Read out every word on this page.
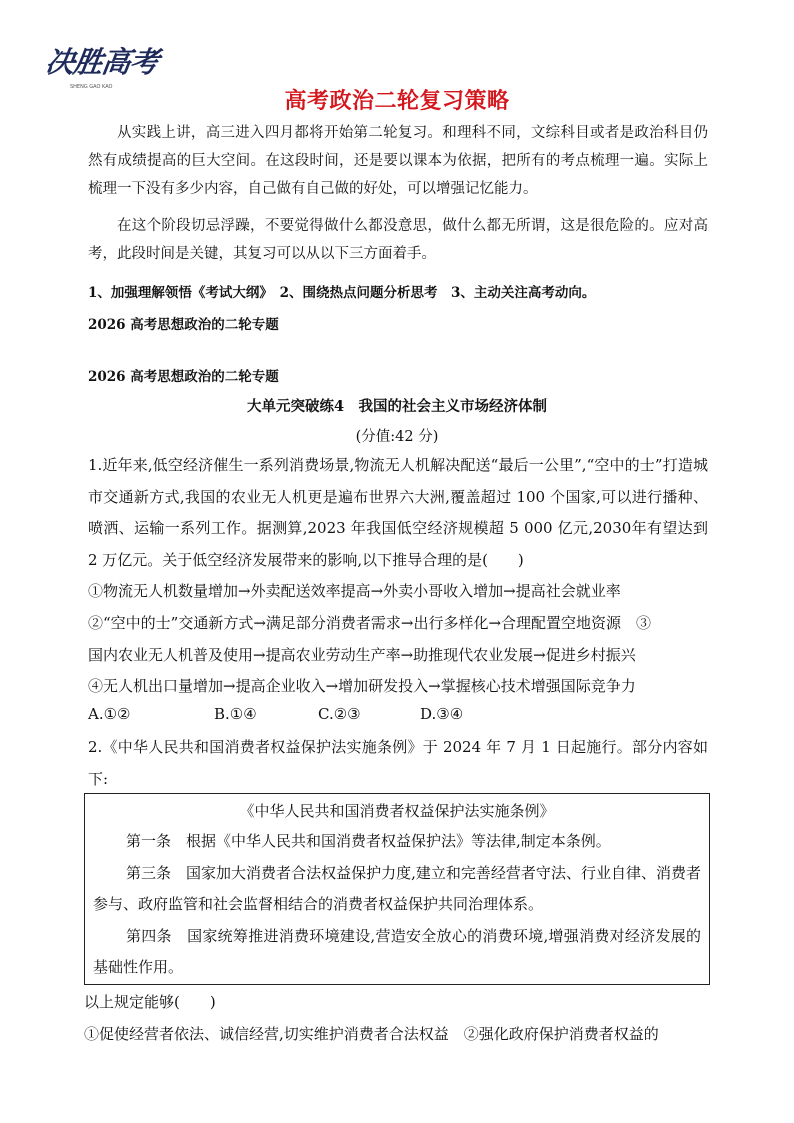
决胜高考
SHENG GAO KAO
高考政治二轮复习策略
从实践上讲，高三进入四月都将开始第二轮复习。和理科不同，文综科目或者是政治科目仍然有成绩提高的巨大空间。在这段时间，还是要以课本为依据，把所有的考点梳理一遍。实际上梳理一下没有多少内容，自己做有自己做的好处，可以增强记忆能力。
在这个阶段切忌浮躁，不要觉得做什么都没意思，做什么都无所谓，这是很危险的。应对高考，此段时间是关键，其复习可以从以下三方面着手。
1、加强理解领悟《考试大纲》　2、围绕热点问题分析思考　3、主动关注高考动向。
2026 高考思想政治的二轮专题
2026 高考思想政治的二轮专题
大单元突破练4　我国的社会主义市场经济体制
(分值:42 分)
1.近年来,低空经济催生一系列消费场景,物流无人机解决配送“最后一公里”,“空中的士”打造城市交通新方式,我国的农业无人机更是遍布世界六大洲,覆盖超过 100 个国家,可以进行播种、喷洒、运输一系列工作。据测算,2023 年我国低空经济规模超 5 000 亿元,2030年有望达到 2 万亿元。关于低空经济发展带来的影响,以下推导合理的是(　　)
①物流无人机数量增加→外卖配送效率提高→外卖小哥收入增加→提高社会就业率
②“空中的士”交通新方式→满足部分消费者需求→出行多样化→合理配置空地资源　③
国内农业无人机普及使用→提高农业劳动生产率→助推现代农业发展→促进乡村振兴
④无人机出口量增加→提高企业收入→增加研发投入→掌握核心技术增强国际竞争力
A.①②	B.①④	C.②③	D.③④
2.《中华人民共和国消费者权益保护法实施条例》于 2024 年 7 月 1 日起施行。部分内容如下:
《中华人民共和国消费者权益保护法实施条例》
第一条　根据《中华人民共和国消费者权益保护法》等法律,制定本条例。
第三条　国家加大消费者合法权益保护力度,建立和完善经营者守法、行业自律、消费者参与、政府监管和社会监督相结合的消费者权益保护共同治理体系。
第四条　国家统筹推进消费环境建设,营造安全放心的消费环境,增强消费对经济发展的基础性作用。
以上规定能够(　　)
①促使经营者依法、诚信经营,切实维护消费者合法权益　②强化政府保护消费者权益的
